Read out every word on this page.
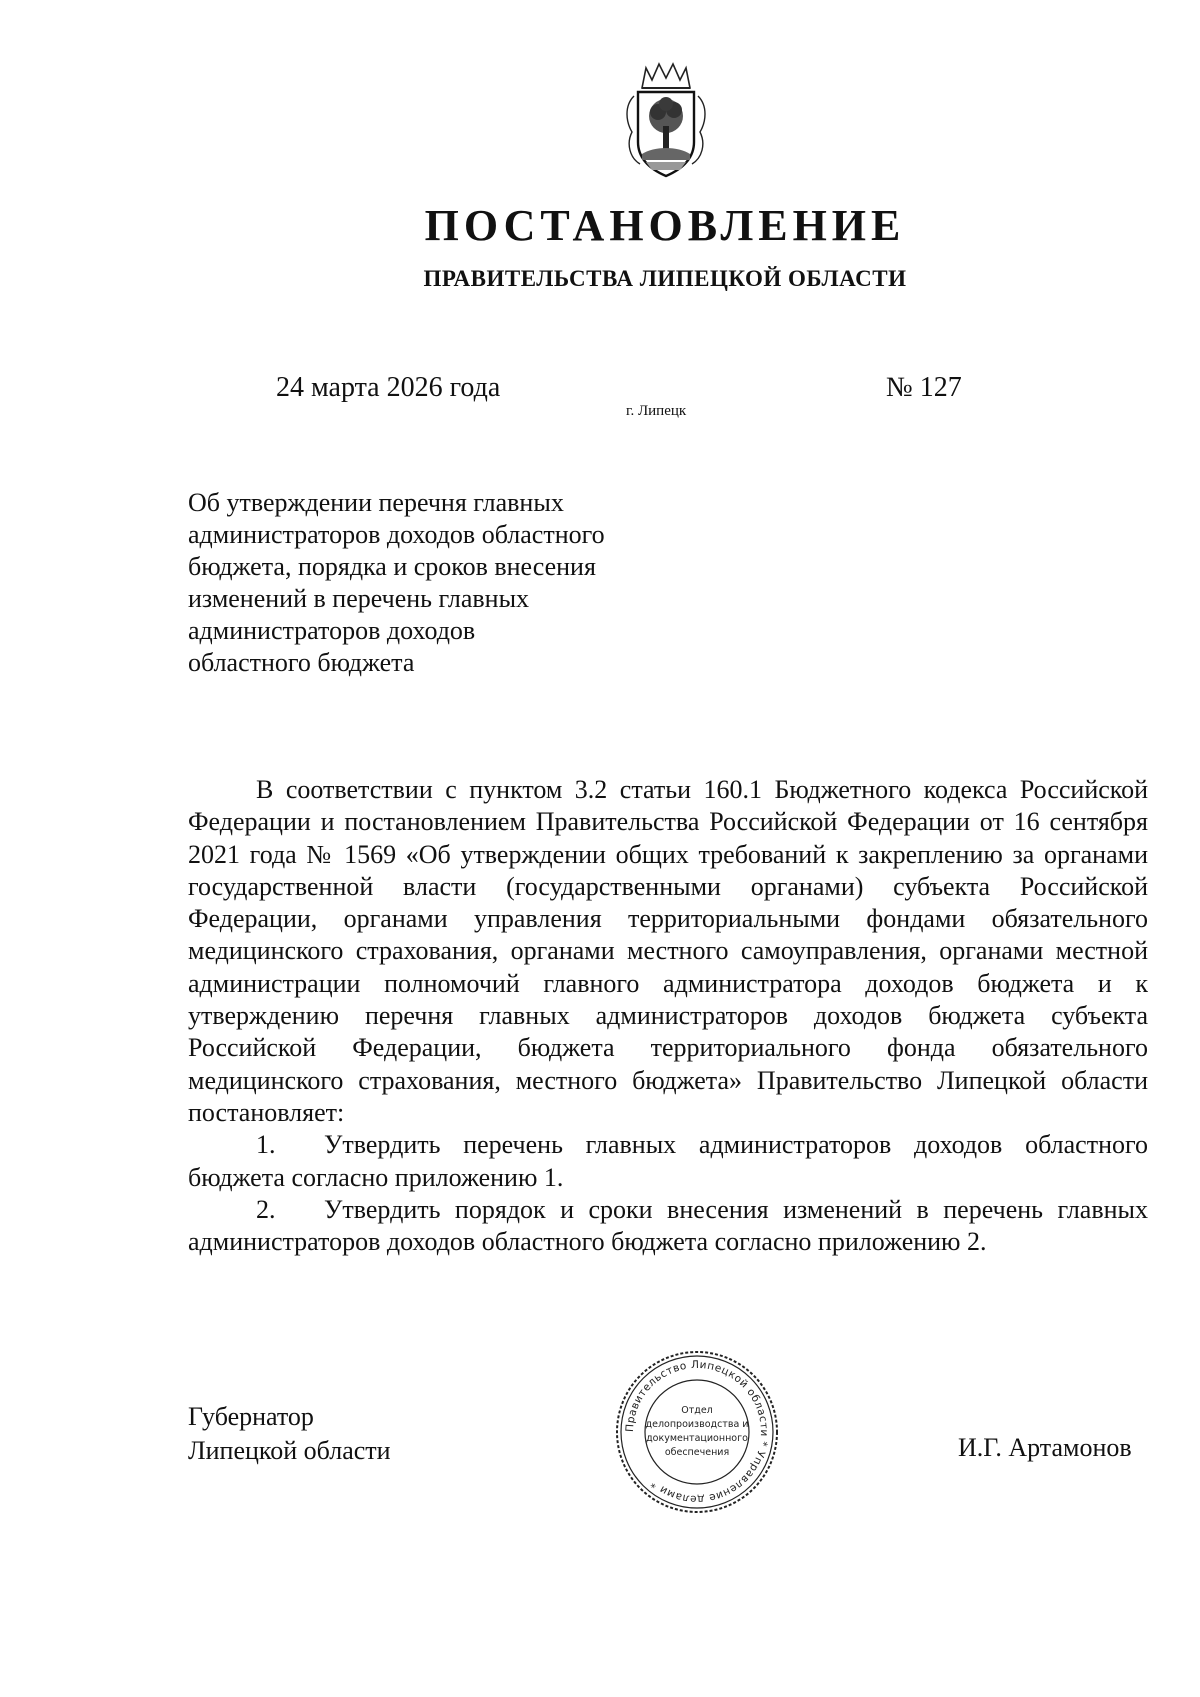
ПОСТАНОВЛЕНИЕ
ПРАВИТЕЛЬСТВА ЛИПЕЦКОЙ ОБЛАСТИ
24 марта 2026 года
г. Липецк
№ 127
Об утверждении перечня главных
администраторов доходов областного
бюджета, порядка и сроков внесения
изменений в перечень главных
администраторов доходов
областного бюджета
В соответствии с пунктом 3.2 статьи 160.1 Бюджетного кодекса Российской Федерации и постановлением Правительства Российской Федерации от 16 сентября 2021 года № 1569 «Об утверждении общих требований к закреплению за органами государственной власти (государственными органами) субъекта Российской Федерации, органами управления территориальными фондами обязательного медицинского страхования, органами местного самоуправления, органами местной администрации полномочий главного администратора доходов бюджета и к утверждению перечня главных администраторов доходов бюджета субъекта Российской Федерации, бюджета территориального фонда обязательного медицинского страхования, местного бюджета» Правительство Липецкой области постановляет:
1. Утвердить перечень главных администраторов доходов областного бюджета согласно приложению 1.
2. Утвердить порядок и сроки внесения изменений в перечень главных администраторов доходов областного бюджета согласно приложению 2.
Губернатор
Липецкой области	И.Г. Артамонов
Правительство Липецкой области * Управление делами *
Отдел
делопроизводства и
документационного
обеспечения
